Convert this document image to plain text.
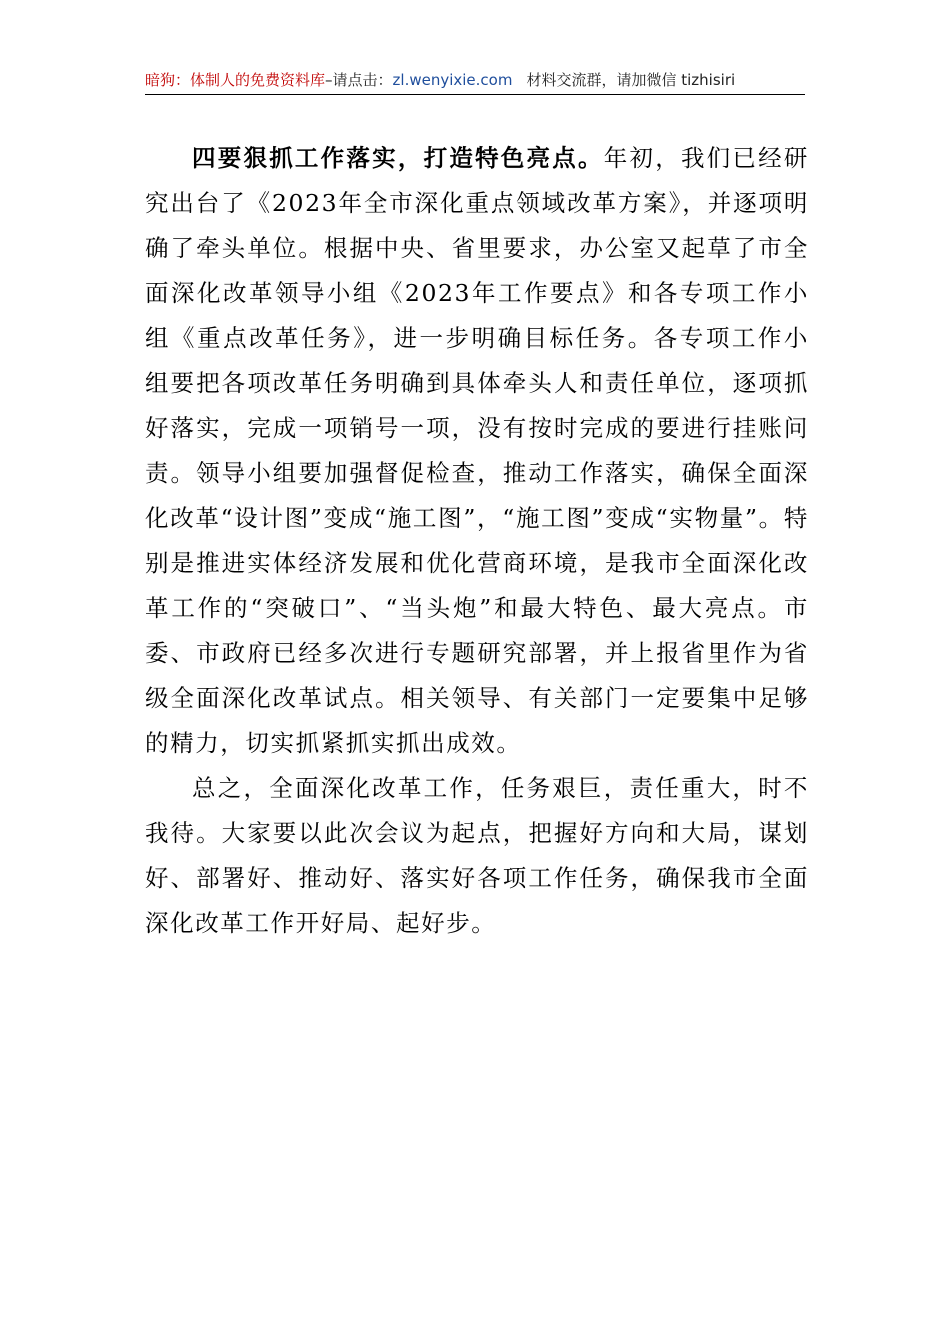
暗狗：体制人的免费资料库–请点击：zl.wenyixie.com 材料交流群，请加微信 tizhisiri

四要狠抓工作落实，打造特色亮点。年初，我们已经研究出台了《2023年全市深化重点领域改革方案》，并逐项明确了牵头单位。根据中央、省里要求，办公室又起草了市全面深化改革领导小组《2023年工作要点》和各专项工作小组《重点改革任务》，进一步明确目标任务。各专项工作小组要把各项改革任务明确到具体牵头人和责任单位，逐项抓好落实，完成一项销号一项，没有按时完成的要进行挂账问责。领导小组要加强督促检查，推动工作落实，确保全面深化改革“设计图”变成“施工图”，“施工图”变成“实物量”。特别是推进实体经济发展和优化营商环境，是我市全面深化改革工作的“突破口”、“当头炮”和最大特色、最大亮点。市委、市政府已经多次进行专题研究部署，并上报省里作为省级全面深化改革试点。相关领导、有关部门一定要集中足够的精力，切实抓紧抓实抓出成效。

总之，全面深化改革工作，任务艰巨，责任重大，时不我待。大家要以此次会议为起点，把握好方向和大局，谋划好、部署好、推动好、落实好各项工作任务，确保我市全面深化改革工作开好局、起好步。
